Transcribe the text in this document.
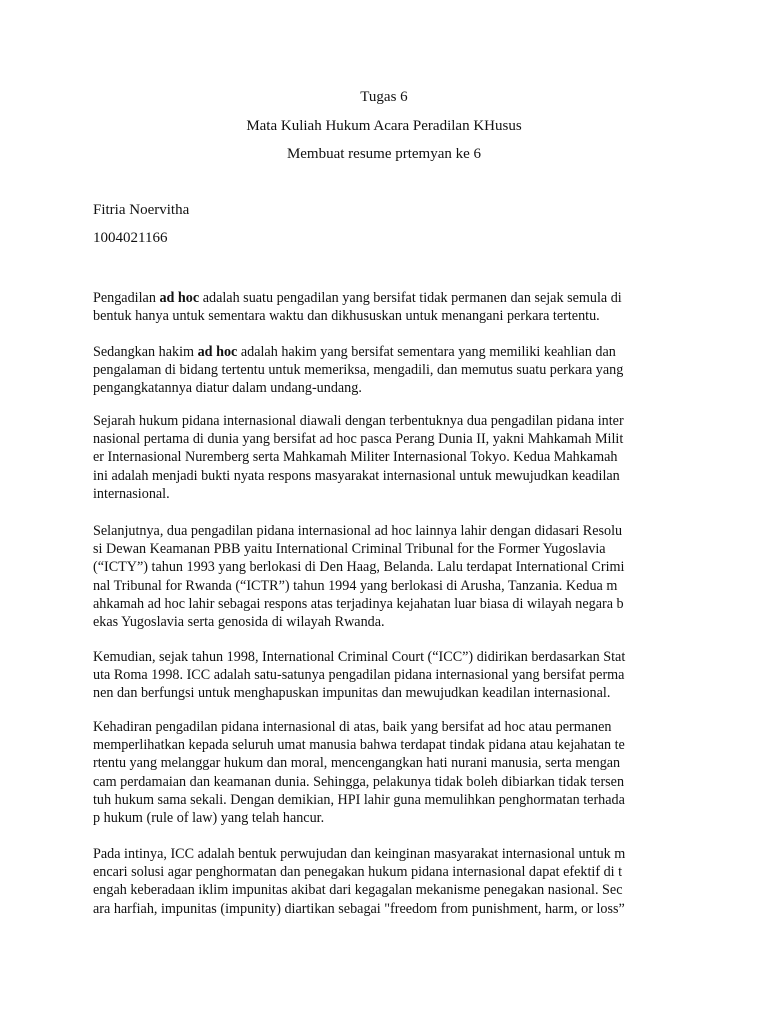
Tugas 6
Mata Kuliah Hukum Acara Peradilan KHusus
Membuat resume prtemyan ke 6
Fitria Noervitha
1004021166
Pengadilan ad hoc adalah suatu pengadilan yang bersifat tidak permanen dan sejak semula di
bentuk hanya untuk sementara waktu dan dikhususkan untuk menangani perkara tertentu.
Sedangkan hakim ad hoc adalah hakim yang bersifat sementara yang memiliki keahlian dan
pengalaman di bidang tertentu untuk memeriksa, mengadili, dan memutus suatu perkara yang
pengangkatannya diatur dalam undang-undang.
Sejarah hukum pidana internasional diawali dengan terbentuknya dua pengadilan pidana inter
nasional pertama di dunia yang bersifat ad hoc pasca Perang Dunia II, yakni Mahkamah Milit
er Internasional Nuremberg serta Mahkamah Militer Internasional Tokyo. Kedua Mahkamah
ini adalah menjadi bukti nyata respons masyarakat internasional untuk mewujudkan keadilan
internasional.
Selanjutnya, dua pengadilan pidana internasional ad hoc lainnya lahir dengan didasari Resolu
si Dewan Keamanan PBB yaitu International Criminal Tribunal for the Former Yugoslavia
(“ICTY”) tahun 1993 yang berlokasi di Den Haag, Belanda. Lalu terdapat International Crimi
nal Tribunal for Rwanda (“ICTR”) tahun 1994 yang berlokasi di Arusha, Tanzania. Kedua m
ahkamah ad hoc lahir sebagai respons atas terjadinya kejahatan luar biasa di wilayah negara b
ekas Yugoslavia serta genosida di wilayah Rwanda.
Kemudian, sejak tahun 1998, International Criminal Court (“ICC”) didirikan berdasarkan Stat
uta Roma 1998. ICC adalah satu-satunya pengadilan pidana internasional yang bersifat perma
nen dan berfungsi untuk menghapuskan impunitas dan mewujudkan keadilan internasional.
Kehadiran pengadilan pidana internasional di atas, baik yang bersifat ad hoc atau permanen
memperlihatkan kepada seluruh umat manusia bahwa terdapat tindak pidana atau kejahatan te
rtentu yang melanggar hukum dan moral, mencengangkan hati nurani manusia, serta mengan
cam perdamaian dan keamanan dunia. Sehingga, pelakunya tidak boleh dibiarkan tidak tersen
tuh hukum sama sekali. Dengan demikian, HPI lahir guna memulihkan penghormatan terhada
p hukum (rule of law) yang telah hancur.
Pada intinya, ICC adalah bentuk perwujudan dan keinginan masyarakat internasional untuk m
encari solusi agar penghormatan dan penegakan hukum pidana internasional dapat efektif di t
engah keberadaan iklim impunitas akibat dari kegagalan mekanisme penegakan nasional. Sec
ara harfiah, impunitas (impunity) diartikan sebagai "freedom from punishment, harm, or loss”
